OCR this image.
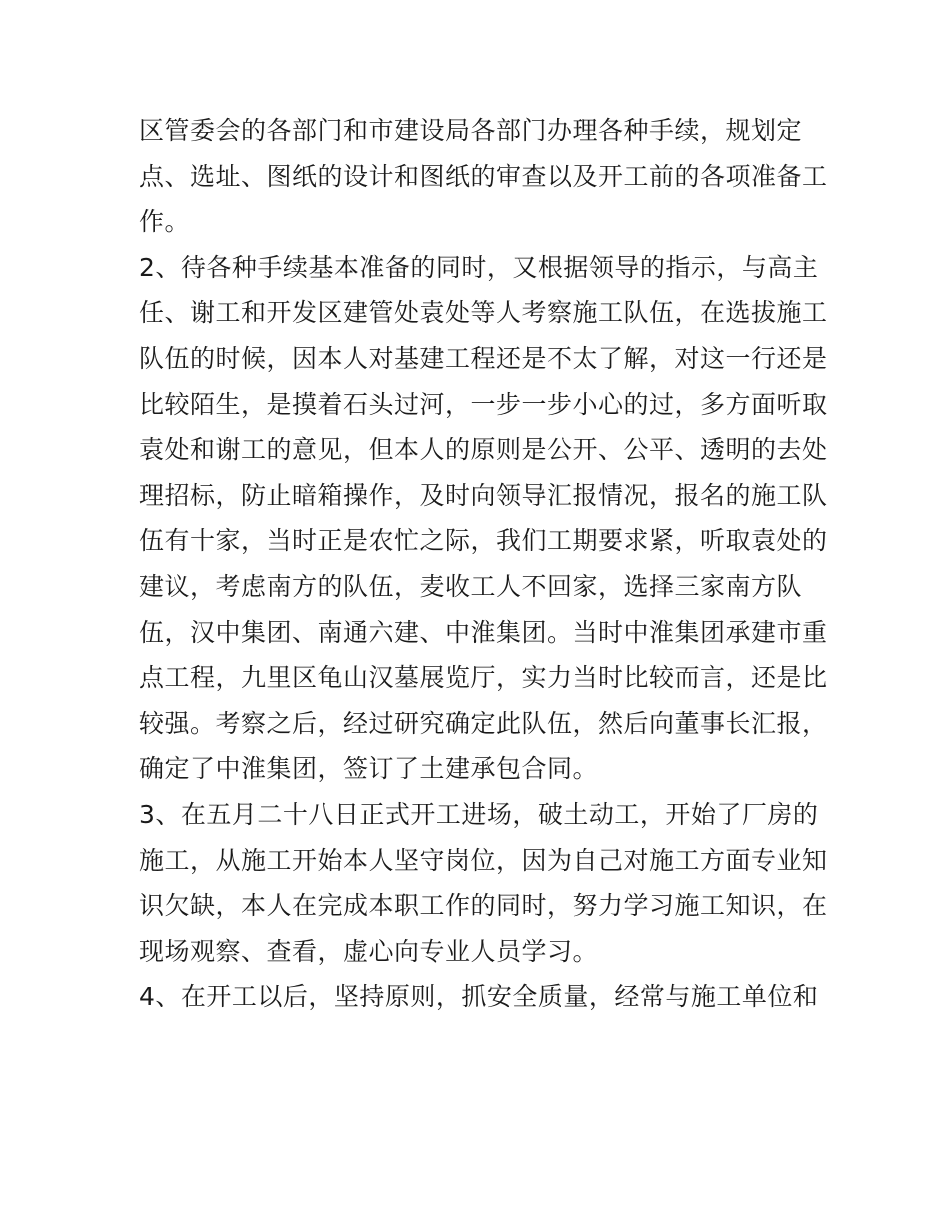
区管委会的各部门和市建设局各部门办理各种手续，规划定
点、选址、图纸的设计和图纸的审查以及开工前的各项准备工
作。
2、待各种手续基本准备的同时，又根据领导的指示，与高主
任、谢工和开发区建管处袁处等人考察施工队伍，在选拔施工
队伍的时候，因本人对基建工程还是不太了解，对这一行还是
比较陌生，是摸着石头过河，一步一步小心的过，多方面听取
袁处和谢工的意见，但本人的原则是公开、公平、透明的去处
理招标，防止暗箱操作，及时向领导汇报情况，报名的施工队
伍有十家，当时正是农忙之际，我们工期要求紧，听取袁处的
建议，考虑南方的队伍，麦收工人不回家，选择三家南方队
伍，汉中集团、南通六建、中淮集团。当时中淮集团承建市重
点工程，九里区龟山汉墓展览厅，实力当时比较而言，还是比
较强。考察之后，经过研究确定此队伍，然后向董事长汇报，
确定了中淮集团，签订了土建承包合同。
3、在五月二十八日正式开工进场，破土动工，开始了厂房的
施工，从施工开始本人坚守岗位，因为自己对施工方面专业知
识欠缺，本人在完成本职工作的同时，努力学习施工知识，在
现场观察、查看，虚心向专业人员学习。
4、在开工以后，坚持原则，抓安全质量，经常与施工单位和
